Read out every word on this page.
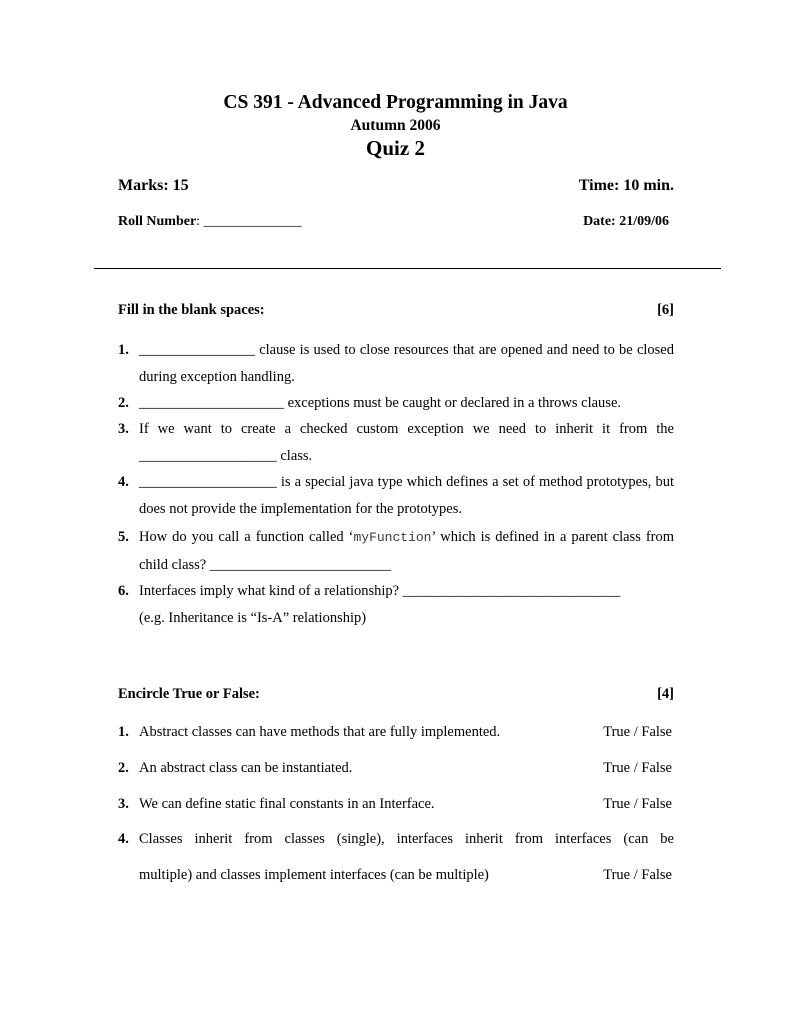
CS 391 - Advanced Programming in Java
Autumn 2006
Quiz 2
Marks: 15	Time: 10 min.
Roll Number: ______________	Date: 21/09/06
Fill in the blank spaces:	[6]
1. ________________ clause is used to close resources that are opened and need to be closed during exception handling.
2. ____________________ exceptions must be caught or declared in a throws clause.
3. If we want to create a checked custom exception we need to inherit it from the ___________________ class.
4. ___________________ is a special java type which defines a set of method prototypes, but does not provide the implementation for the prototypes.
5. How do you call a function called ‘myFunction’ which is defined in a parent class from child class? _________________________
6. Interfaces imply what kind of a relationship? ______________________________
(e.g. Inheritance is “Is-A” relationship)
Encircle True or False:	[4]
1. Abstract classes can have methods that are fully implemented.	True / False
2. An abstract class can be instantiated.	True / False
3. We can define static final constants in an Interface.	True / False
4. Classes inherit from classes (single), interfaces inherit from interfaces (can be
multiple) and classes implement interfaces (can be multiple)	True / False
